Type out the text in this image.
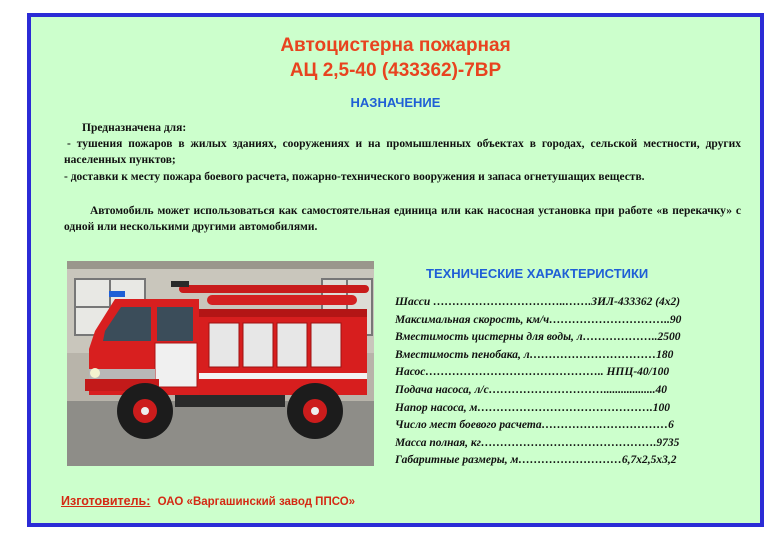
Автоцистерна пожарная
АЦ 2,5-40 (433362)-7ВР
НАЗНАЧЕНИЕ
Предназначена для:
- тушения пожаров в жилых зданиях, сооружениях и на промышленных объектах в городах, сельской местности, других населенных пунктов;
- доставки к месту пожара боевого расчета, пожарно-технического вооружения и запаса огнетушащих веществ.
Автомобиль может использоваться как самостоятельная единица или как насосная установка при работе «в перекачку» с одной или несколькими другими автомобилями.
ТЕХНИЧЕСКИЕ ХАРАКТЕРИСТИКИ
Шасси ……………………………..…….ЗИЛ-433362 (4х2)
Максимальная скорость, км/ч…………………………..90
Вместимость цистерны для воды, л………………..2500
Вместимость пенобака, л……………………………180
Насос……………………………………….. НПЦ-40/100
Подача насоса, л/с…………………………..................40
Напор насоса, м……………………………………….100
Число мест боевого расчета……………………………6
Масса полная, кг……………………………………….9735
Габаритные размеры, м………………………6,7х2,5х3,2
Изготовитель: ОАО «Варгашинский завод ППСО»
